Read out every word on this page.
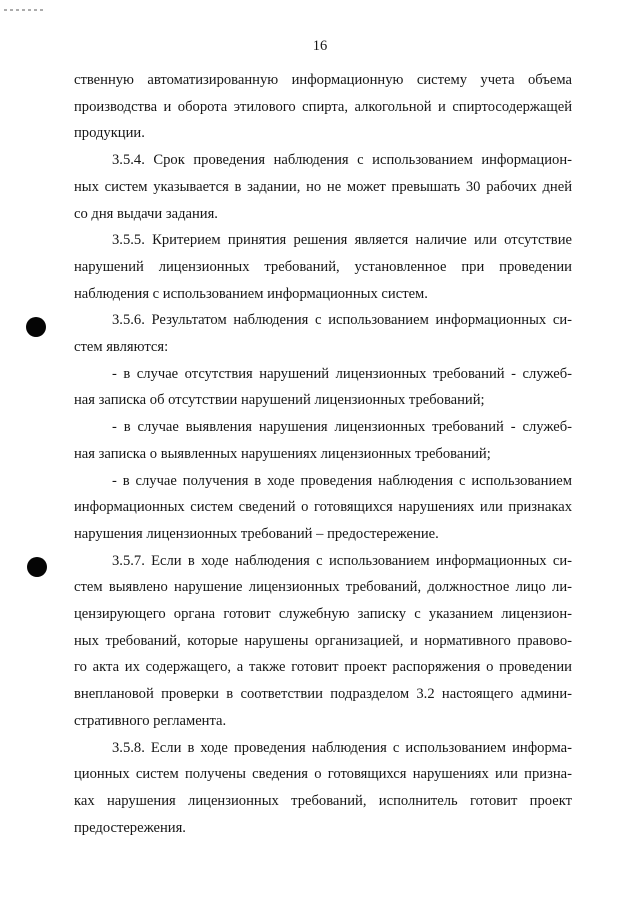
16
ственную автоматизированную информационную систему учета объема
производства и оборота этилового спирта, алкогольной и спиртосодержащей
продукции.
3.5.4. Срок проведения наблюдения с использованием информацион-
ных систем указывается в задании, но не может превышать 30 рабочих дней
со дня выдачи задания.
3.5.5. Критерием принятия решения является наличие или отсутствие
нарушений лицензионных требований, установленное при проведении
наблюдения с использованием информационных систем.
3.5.6. Результатом наблюдения с использованием информационных си-
стем являются:
- в случае отсутствия нарушений лицензионных требований - служеб-
ная записка об отсутствии нарушений лицензионных требований;
- в случае выявления нарушения лицензионных требований - служеб-
ная записка о выявленных нарушениях лицензионных требований;
- в случае получения в ходе проведения наблюдения с использованием
информационных систем сведений о готовящихся нарушениях или признаках
нарушения лицензионных требований – предостережение.
3.5.7. Если в ходе наблюдения с использованием информационных си-
стем выявлено нарушение лицензионных требований, должностное лицо ли-
цензирующего органа готовит служебную записку с указанием лицензион-
ных требований, которые нарушены организацией, и нормативного правово-
го акта их содержащего, а также готовит проект распоряжения о проведении
внеплановой проверки в соответствии подразделом 3.2 настоящего админи-
стративного регламента.
3.5.8. Если в ходе проведения наблюдения с использованием информа-
ционных систем получены сведения о готовящихся нарушениях или призна-
ках нарушения лицензионных требований, исполнитель готовит проект
предостережения.
